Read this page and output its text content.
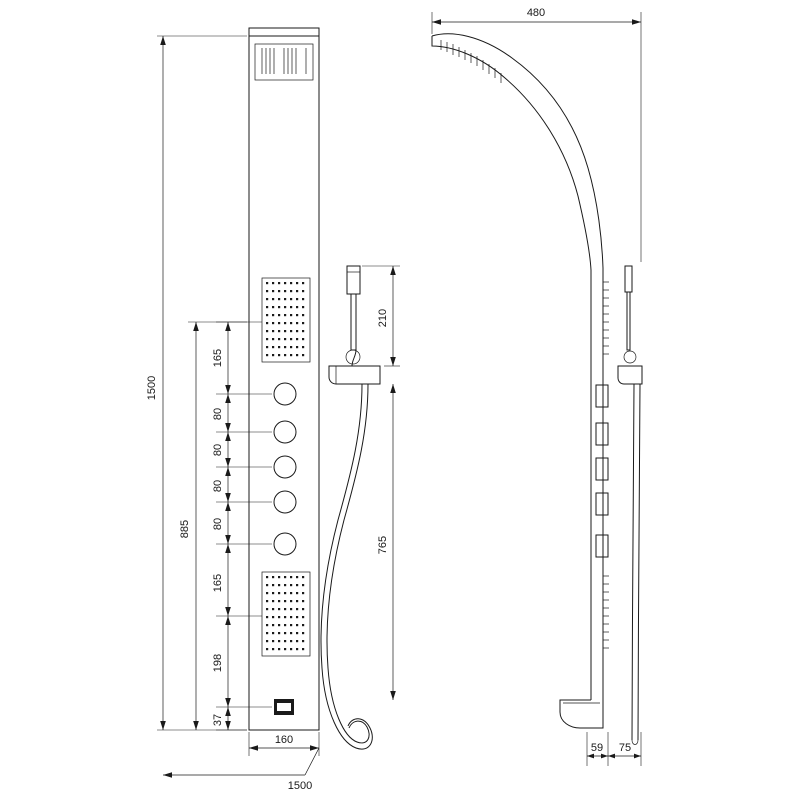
1500
885
165
80
80
80
80
165
198
37
160
1500
210
765
480
59 75
